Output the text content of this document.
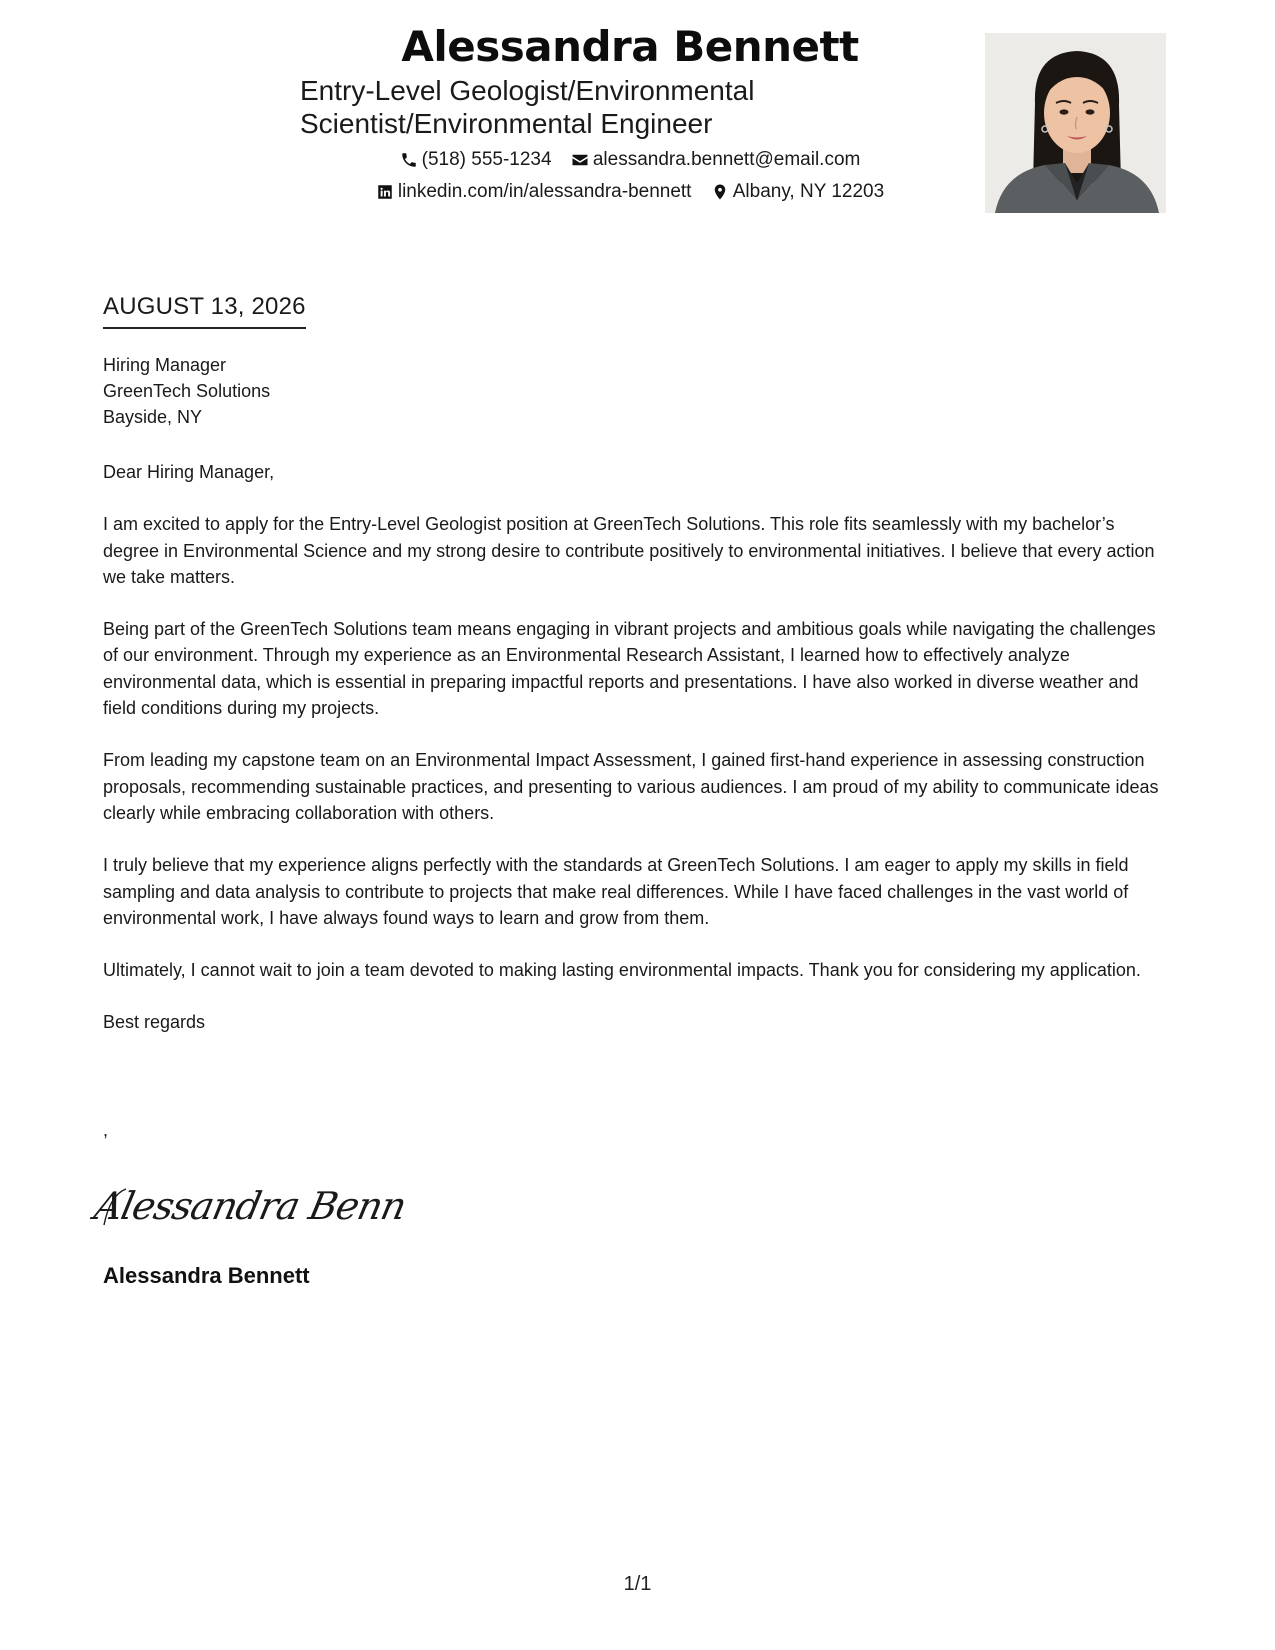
Alessandra Bennett
Entry-Level Geologist/Environmental
Scientist/Environmental Engineer
(518) 555-1234
alessandra.bennett@email.com
linkedin.com/in/alessandra-bennett
Albany, NY 12203
AUGUST 13, 2026
Hiring Manager
GreenTech Solutions
Bayside, NY

Dear Hiring Manager,

I am excited to apply for the Entry-Level Geologist position at GreenTech Solutions. This role fits seamlessly with my bachelor’s degree in Environmental Science and my strong desire to contribute positively to environmental initiatives. I believe that every action we take matters.

Being part of the GreenTech Solutions team means engaging in vibrant projects and ambitious goals while navigating the challenges of our environment. Through my experience as an Environmental Research Assistant, I learned how to effectively analyze environmental data, which is essential in preparing impactful reports and presentations. I have also worked in diverse weather and field conditions during my projects.

From leading my capstone team on an Environmental Impact Assessment, I gained first-hand experience in assessing construction proposals, recommending sustainable practices, and presenting to various audiences. I am proud of my ability to communicate ideas clearly while embracing collaboration with others.

I truly believe that my experience aligns perfectly with the standards at GreenTech Solutions. I am eager to apply my skills in field sampling and data analysis to contribute to projects that make real differences. While I have faced challenges in the vast world of environmental work, I have always found ways to learn and grow from them.

Ultimately, I cannot wait to join a team devoted to making lasting environmental impacts. Thank you for considering my application.

Best regards

,
Alessandra Benn
Alessandra Bennett
1/1
